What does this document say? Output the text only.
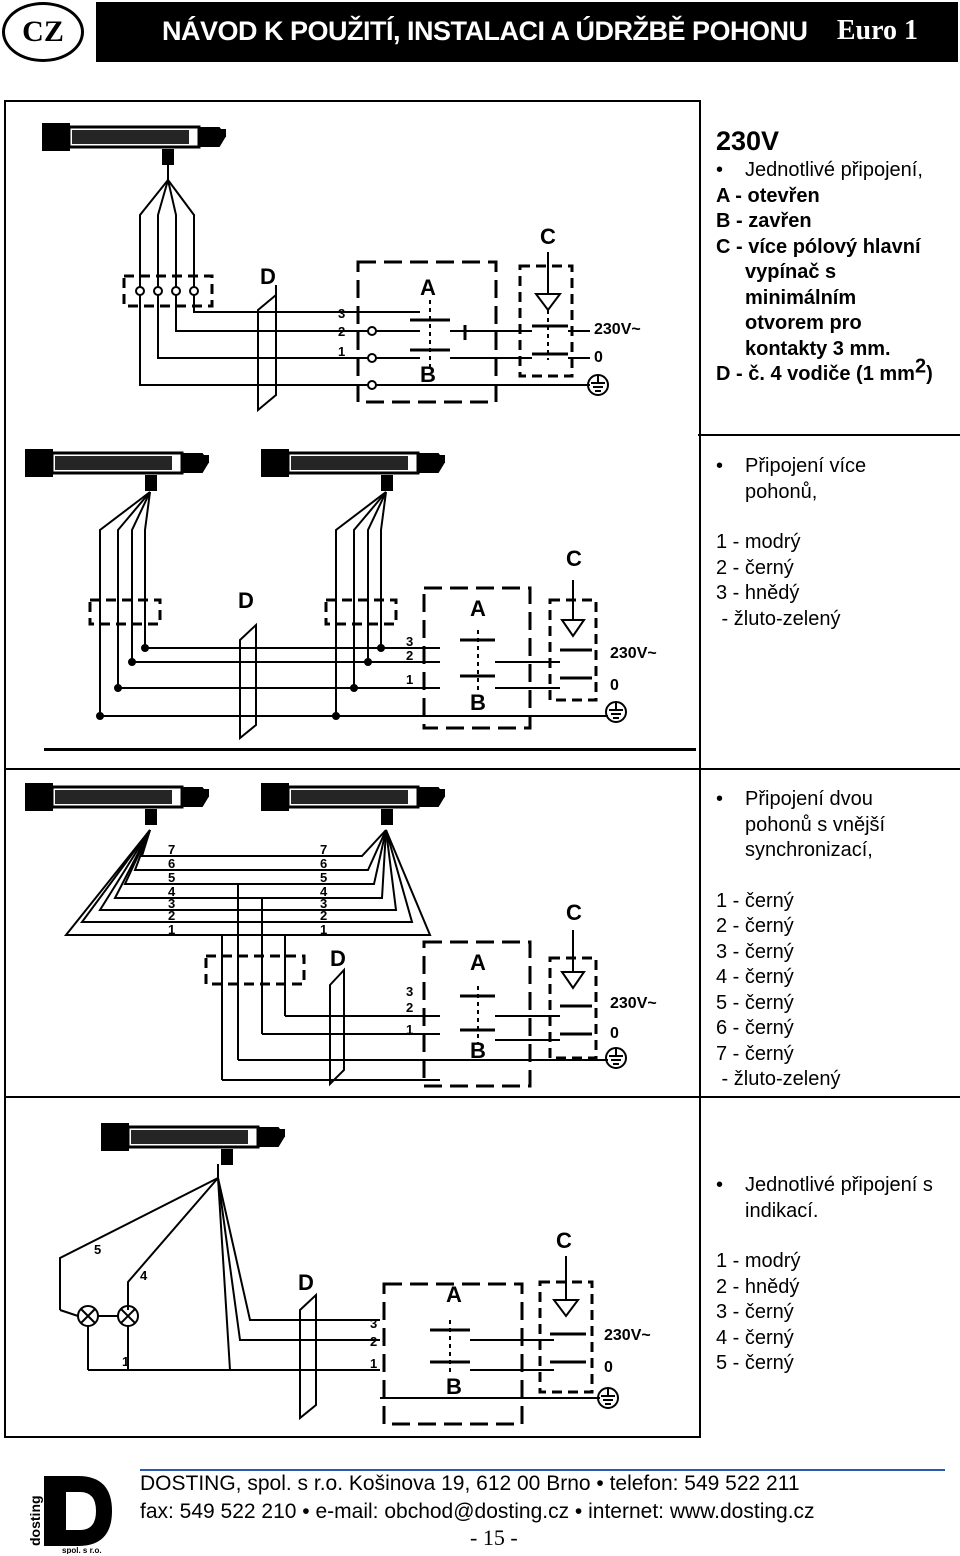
CZ	NÁVOD K POUŽITÍ, INSTALACI A ÚDRŽBĚ POHONU Euro 1
D	A
B
C
230V~
0
3
2
1
D	A
B
C
230V~
0
3
2
1
D	A
B
C
230V~
0
7
6
5
4
3
2
1
7
6
5
4
3
2
1
3
2
1
D	A
B
C
230V~
0
5
4
1
3
2
1
230V
• Jednotlivé připojení,
A - otevřen
B - zavřen
C - více pólový hlavní
vypínač s
minimálním
otvorem pro
kontakty 3 mm.
D - č. 4 vodiče (1 $mm^2$)
• Připojení více
pohonů,
1 - modrý
2 - černý
3 - hnědý
- žluto-zelený
• Připojení dvou
pohonů s vnější
synchronizací,
1 - černý
2 - černý
3 - černý
4 - černý
5 - černý
6 - černý
7 - černý
- žluto-zelený
• Jednotlivé připojení s
indikací.
1 - modrý
2 - hnědý
3 - černý
4 - černý
5 - černý
dosting
spol. s r.o.
DOSTING, spol. s r.o. Košinova 19, 612 00 Brno • telefon: 549 522 211
fax: 549 522 210 • e-mail: obchod@dosting.cz • internet: www.dosting.cz
- 15 -
